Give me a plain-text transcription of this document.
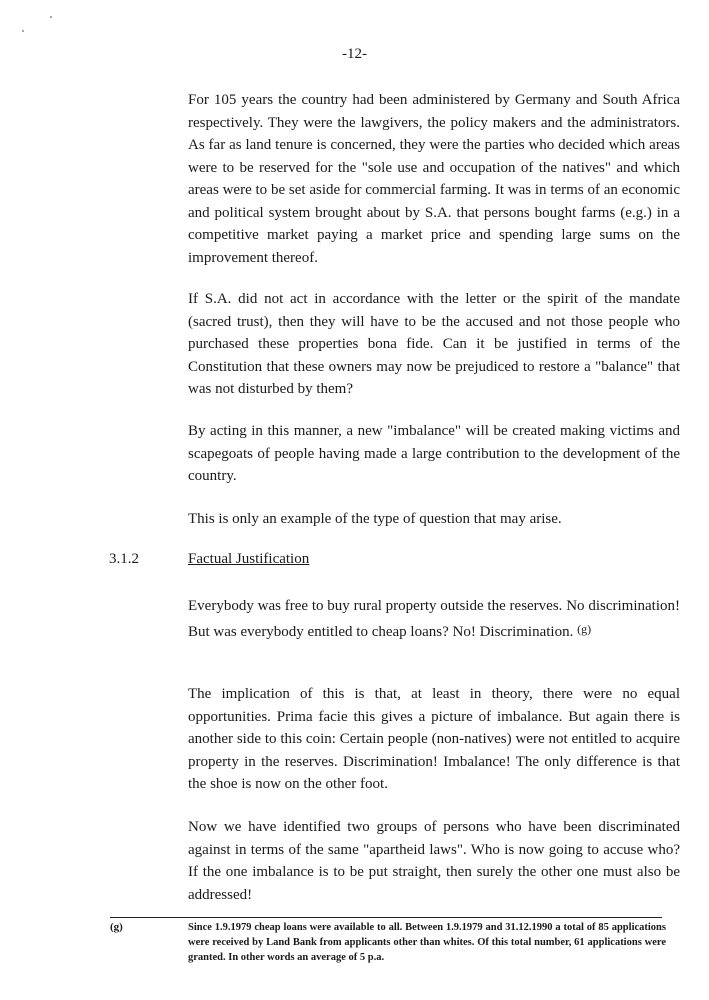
-12-

For 105 years the country had been administered by Germany and South Africa respectively. They were the lawgivers, the policy makers and the administrators. As far as land tenure is concerned, they were the parties who decided which areas were to be reserved for the "sole use and occupation of the natives" and which areas were to be set aside for commercial farming. It was in terms of an economic and political system brought about by S.A. that persons bought farms (e.g.) in a competitive market paying a market price and spending large sums on the improvement thereof.

If S.A. did not act in accordance with the letter or the spirit of the mandate (sacred trust), then they will have to be the accused and not those people who purchased these properties bona fide. Can it be justified in terms of the Constitution that these owners may now be prejudiced to restore a "balance" that was not disturbed by them?

By acting in this manner, a new "imbalance" will be created making victims and scapegoats of people having made a large contribution to the development of the country.

This is only an example of the type of question that may arise.

3.1.2	Factual Justification

Everybody was free to buy rural property outside the reserves. No discrimination! But was everybody entitled to cheap loans? No! Discrimination. $^{(g)}$

The implication of this is that, at least in theory, there were no equal opportunities. Prima facie this gives a picture of imbalance. But again there is another side to this coin: Certain people (non-natives) were not entitled to acquire property in the reserves. Discrimination! Imbalance! The only difference is that the shoe is now on the other foot.

Now we have identified two groups of persons who have been discriminated against in terms of the same "apartheid laws". Who is now going to accuse who? If the one imbalance is to be put straight, then surely the other one must also be addressed!

(g)	Since 1.9.1979 cheap loans were available to all. Between 1.9.1979 and 31.12.1990 a total of 85 applications were received by Land Bank from applicants other than whites. Of this total number, 61 applications were granted. In other words an average of 5 p.a.
